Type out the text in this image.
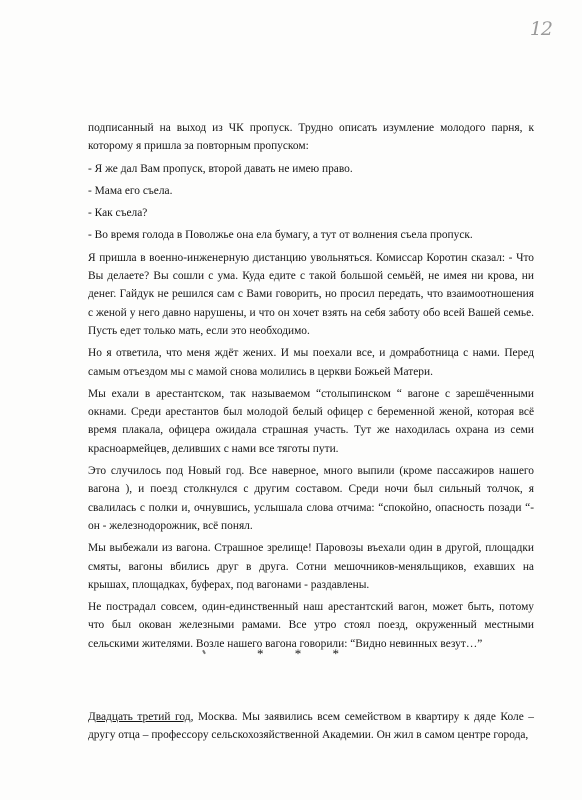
12

подписанный на выход из ЧК пропуск. Трудно описать изумление молодого парня, к которому я пришла за повторным пропуском:

- Я же дал Вам пропуск, второй давать не имею право.

- Мама его съела.

- Как съела?

- Во время голода в Поволжье она ела бумагу, а тут от волнения съела пропуск.

Я пришла в военно-инженерную дистанцию увольняться. Комиссар Коротин сказал: - Что Вы делаете? Вы сошли с ума. Куда едите с такой большой семьёй, не имея ни крова, ни денег. Гайдук не решился сам с Вами говорить, но просил передать, что взаимоотношения с женой у него давно нарушены, и что он хочет взять на себя заботу обо всей Вашей семье. Пусть едет только мать, если это необходимо.

Но я ответила, что меня ждёт жених. И мы поехали все, и домработница с нами. Перед самым отъездом мы с мамой снова молились в церкви Божьей Матери.

Мы ехали в арестантском, так называемом “столыпинском “ вагоне с зарешёченными окнами. Среди арестантов был молодой белый офицер с беременной женой, которая всё время плакала, офицера ожидала страшная участь. Тут же находилась охрана из семи красноармейцев, деливших с нами все тяготы пути.

Это случилось под Новый год. Все наверное, много выпили (кроме пассажиров нашего вагона ), и поезд столкнулся с другим составом. Среди ночи был сильный толчок, я свалилась с полки и, очнувшись, услышала слова отчима: “спокойно, опасность позади “- он - железнодорожник, всё понял.

Мы выбежали из вагона. Страшное зрелище! Паровозы въехали один в другой, площадки смяты, вагоны вбились друг в друга. Сотни мешочников-меняльщиков, ехавших на крышах, площадках, буферах, под вагонами - раздавлены.

Не пострадал совсем, один-единственный наш арестантский вагон, может быть, потому что был окован железными рамами. Все утро стоял поезд, окруженный местными сельскими жителями. Возле нашего вагона говорили: “Видно невинных везут…”

* * *
Двадцать третий год, Москва. Мы заявились всем семейством в квартиру к дяде Коле – другу отца – профессору сельскохозяйственной Академии. Он жил в самом центре города,
